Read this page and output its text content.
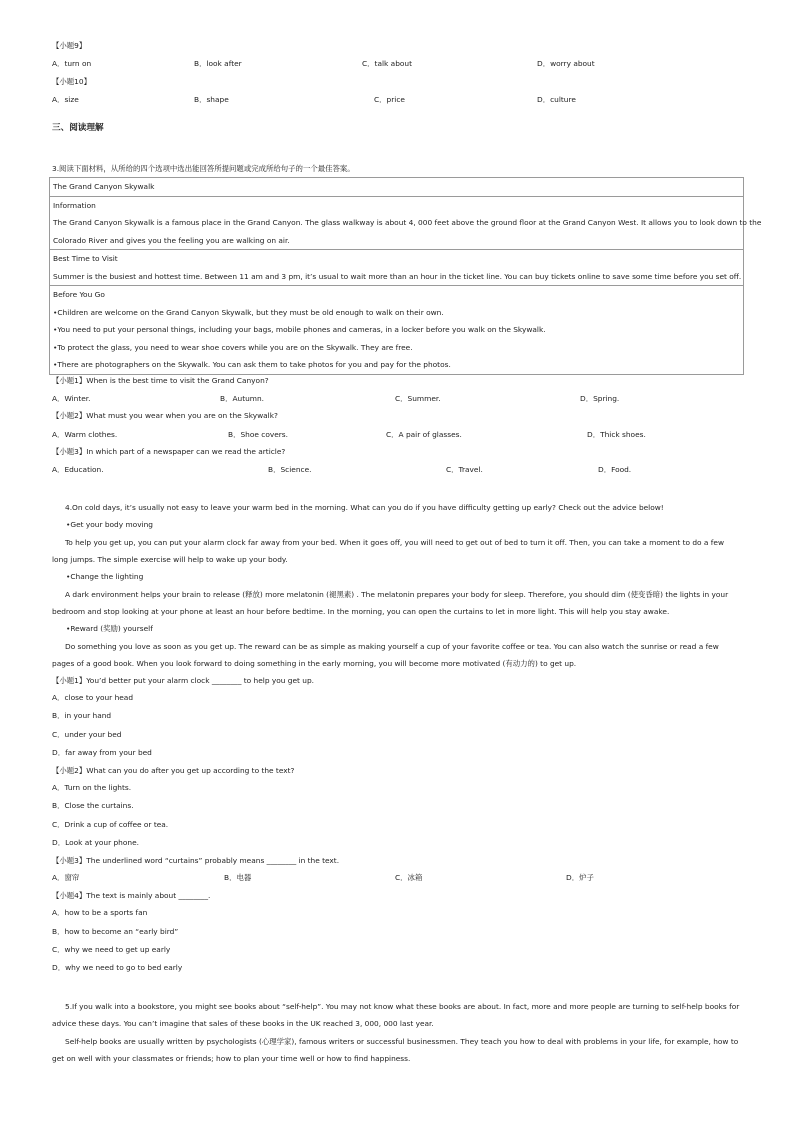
【小题9】
A．turn on	B．look after	C．talk about	D．worry about
【小题10】
A．size	B．shape	C．price	D．culture
三、阅读理解
3.阅读下面材料，从所给的四个选项中选出能回答所提问题或完成所给句子的一个最佳答案。
The Grand Canyon Skywalk
Information
The Grand Canyon Skywalk is a famous place in the Grand Canyon. The glass walkway is about 4, 000 feet above the ground floor at the Grand Canyon West. It allows you to look down to the
Colorado River and gives you the feeling you are walking on air.
Best Time to Visit
Summer is the busiest and hottest time. Between 11 am and 3 pm, it’s usual to wait more than an hour in the ticket line. You can buy tickets online to save some time before you set off.
Before You Go
•Children are welcome on the Grand Canyon Skywalk, but they must be old enough to walk on their own.
•You need to put your personal things, including your bags, mobile phones and cameras, in a locker before you walk on the Skywalk.
•To protect the glass, you need to wear shoe covers while you are on the Skywalk. They are free.
•There are photographers on the Skywalk. You can ask them to take photos for you and pay for the photos.
【小题1】When is the best time to visit the Grand Canyon?
A．Winter.	B．Autumn.	C．Summer.	D．Spring.
【小题2】What must you wear when you are on the Skywalk?
A．Warm clothes.	B．Shoe covers.	C．A pair of glasses.	D．Thick shoes.
【小题3】In which part of a newspaper can we read the article?
A．Education.	B．Science.	C．Travel.	D．Food.
4.On cold days, it’s usually not easy to leave your warm bed in the morning. What can you do if you have difficulty getting up early? Check out the advice below!
•Get your body moving
To help you get up, you can put your alarm clock far away from your bed. When it goes off, you will need to get out of bed to turn it off. Then, you can take a moment to do a few long jumps. The simple exercise will help to wake up your body.
•Change the lighting
A dark environment helps your brain to release (释放) more melatonin (褪黑素) . The melatonin prepares your body for sleep. Therefore, you should dim (使变昏暗) the lights in your bedroom and stop looking at your phone at least an hour before bedtime. In the morning, you can open the curtains to let in more light. This will help you stay awake.
•Reward (奖励) yourself
Do something you love as soon as you get up. The reward can be as simple as making yourself a cup of your favorite coffee or tea. You can also watch the sunrise or read a few pages of a good book. When you look forward to doing something in the early morning, you will become more motivated (有动力的) to get up.
【小题1】You’d better put your alarm clock ________ to help you get up.
A．close to your head
B．in your hand
C．under your bed
D．far away from your bed
【小题2】What can you do after you get up according to the text?
A．Turn on the lights.
B．Close the curtains.
C．Drink a cup of coffee or tea.
D．Look at your phone.
【小题3】The underlined word “curtains” probably means ________ in the text.
A．窗帘	B．电器	C．冰箱	D．炉子
【小题4】The text is mainly about ________.
A．how to be a sports fan
B．how to become an “early bird”
C．why we need to get up early
D．why we need to go to bed early
5.If you walk into a bookstore, you might see books about “self-help”. You may not know what these books are about. In fact, more and more people are turning to self-help books for advice these days. You can’t imagine that sales of these books in the UK reached 3, 000, 000 last year.
Self-help books are usually written by psychologists (心理学家), famous writers or successful businessmen. They teach you how to deal with problems in your life, for example, how to get on well with your classmates or friends; how to plan your time well or how to find happiness.
